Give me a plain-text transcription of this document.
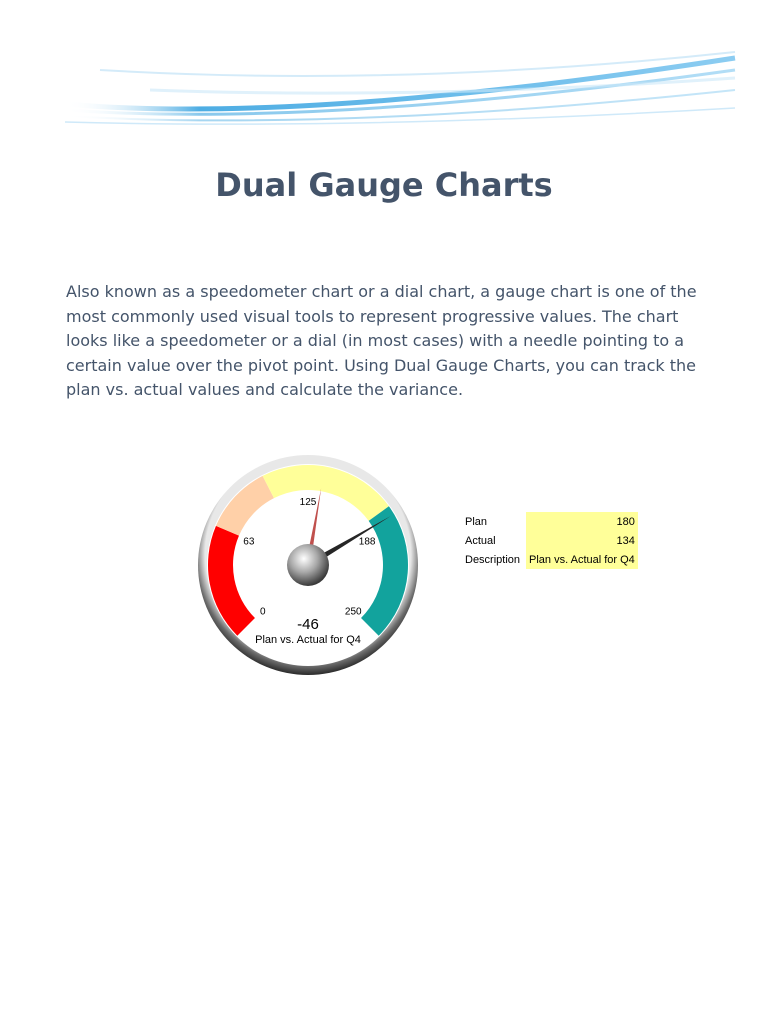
Dual Gauge Charts
Also known as a speedometer chart or a dial chart, a gauge chart is one of the most commonly used visual tools to represent progressive values. The chart looks like a speedometer or a dial (in most cases) with a needle pointing to a certain value over the pivot point. Using Dual Gauge Charts, you can track the plan vs. actual values and calculate the variance.
0
63
125
188
250
-46
Plan vs. Actual for Q4
Plan	180
Actual	134
Description	Plan vs. Actual for Q4
